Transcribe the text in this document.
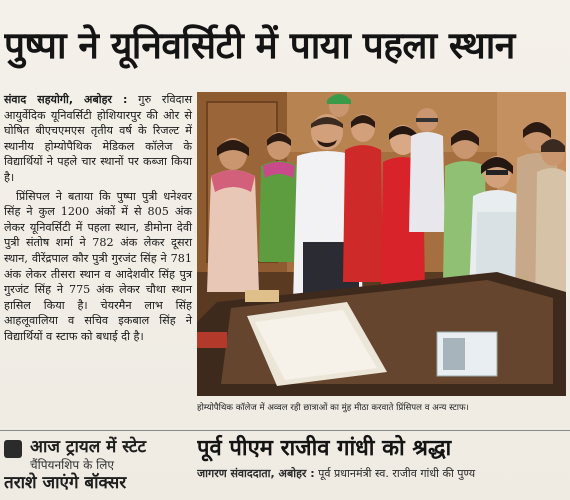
पुष्पा ने यूनिवर्सिटी में पाया पहला स्थान

संवाद सहयोगी, अबोहर : गुरु रविदास आयुर्वेदिक यूनिवर्सिटी होशियारपुर की ओर से घोषित बीएचएमएस तृतीय वर्ष के रिजल्ट में स्थानीय होम्योपैथिक मेडिकल कॉलेज के विद्यार्थियों ने पहले चार स्थानों पर कब्जा किया है।

प्रिंसिपल ने बताया कि पुष्पा पुत्री धनेश्वर सिंह ने कुल 1200 अंकों में से 805 अंक लेकर यूनिवर्सिटी में पहला स्थान, डीमोना देवी पुत्री संतोष शर्मा ने 782 अंक लेकर दूसरा स्थान, वीरेंद्रपाल कौर पुत्री गुरजंट सिंह ने 781 अंक लेकर तीसरा स्थान व आदेशवीर सिंह पुत्र गुरजंट सिंह ने 775 अंक लेकर चौथा स्थान हासिल किया है। चेयरमैन लाभ सिंह आहलूवालिया व सचिव इकबाल सिंह ने विद्यार्थियों व स्टाफ को बधाई दी है।

होम्योपैथिक कॉलेज में अव्वल रही छात्राओं का मुंह मीठा करवाते प्रिंसिपल व अन्य स्टाफ।
आज ट्रायल में स्टेट
चैंपियनशिप के लिए
तराशे जाएंगे बॉक्सर
पूर्व पीएम राजीव गांधी को श्रद्धा
जागरण संवाददाता, अबोहर : पूर्व प्रधानमंत्री स्व. राजीव गांधी की पुण्य
